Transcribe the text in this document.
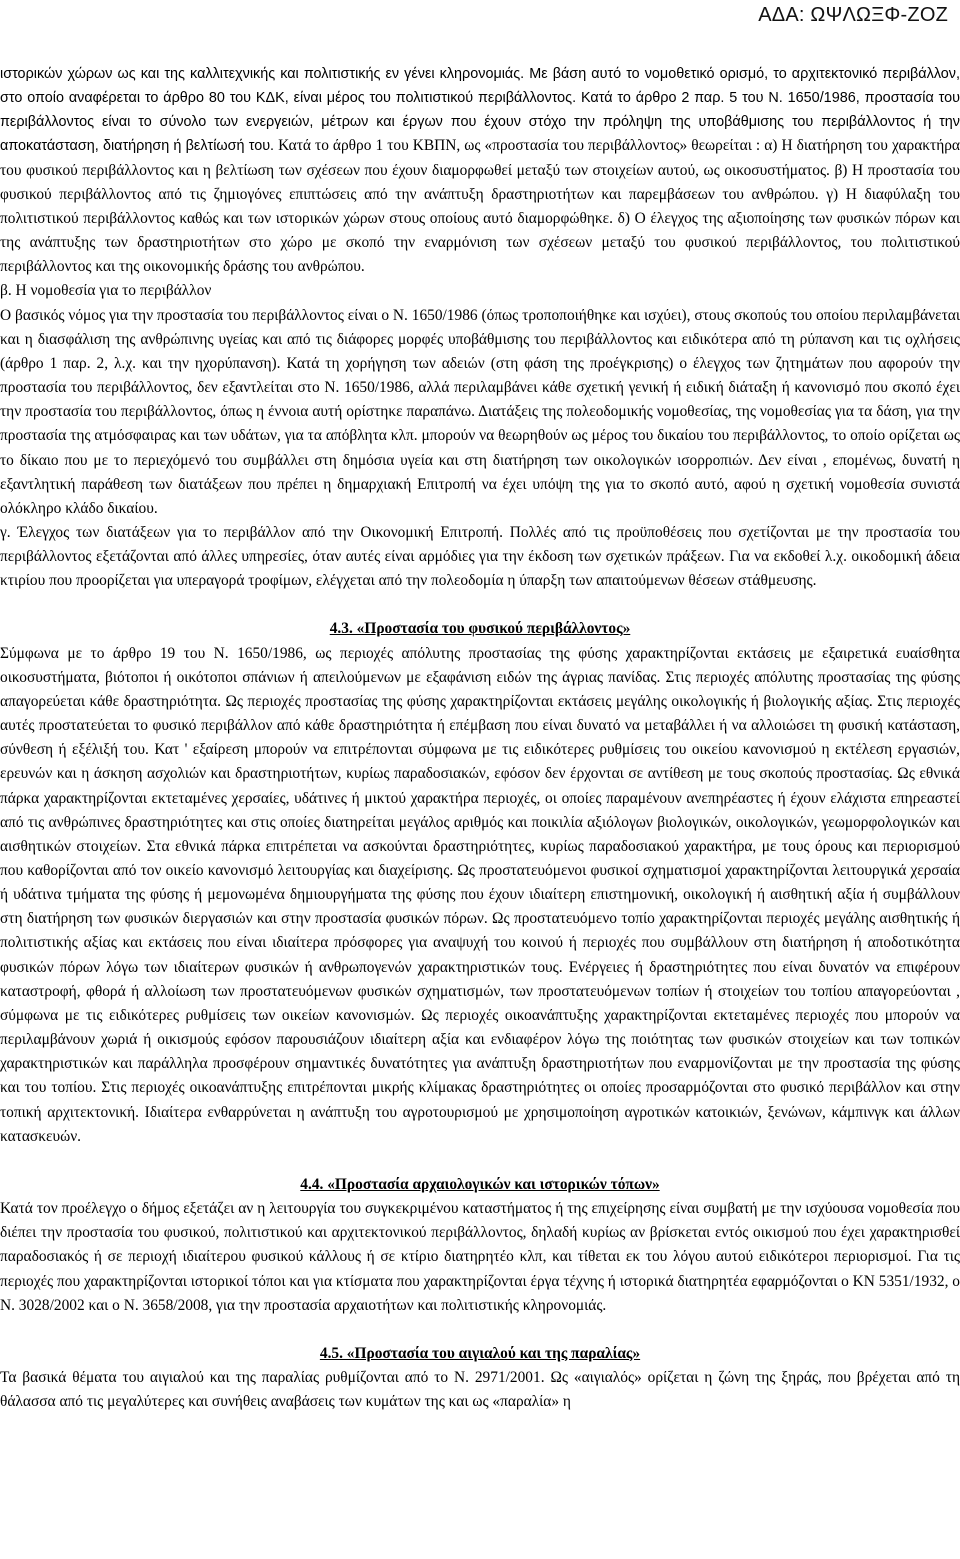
ΑΔΑ: ΩΨΛΩΞΦ-ΖΟΖ

ιστορικών χώρων ως και της καλλιτεχνικής και πολιτιστικής εν γένει κληρονομιάς. Με βάση αυτό το νομοθετικό ορισμό, το αρχιτεκτονικό περιβάλλον, στο οποίο αναφέρεται το άρθρο 80 του ΚΔΚ, είναι μέρος του πολιτιστικού περιβάλλοντος. Κατά το άρθρο 2 παρ. 5 του Ν. 1650/1986, προστασία του περιβάλλοντος είναι το σύνολο των ενεργειών, μέτρων και έργων που έχουν στόχο την πρόληψη της υποβάθμισης του περιβάλλοντος ή την αποκατάσταση, διατήρηση ή βελτίωσή του. Κατά το άρθρο 1 του ΚΒΠΝ, ως «προστασία του περιβάλλοντος» θεωρείται : α) Η διατήρηση του χαρακτήρα του φυσικού περιβάλλοντος και η βελτίωση των σχέσεων που έχουν διαμορφωθεί μεταξύ των στοιχείων αυτού, ως οικοσυστήματος. β) Η προστασία του φυσικού περιβάλλοντος από τις ζημιογόνες επιπτώσεις από την ανάπτυξη δραστηριοτήτων και παρεμβάσεων του ανθρώπου. γ) Η διαφύλαξη του πολιτιστικού περιβάλλοντος καθώς και των ιστορικών χώρων στους οποίους αυτό διαμορφώθηκε. δ) Ο έλεγχος της αξιοποίησης των φυσικών πόρων και της ανάπτυξης των δραστηριοτήτων στο χώρο με σκοπό την εναρμόνιση των σχέσεων μεταξύ του φυσικού περιβάλλοντος, του πολιτιστικού περιβάλλοντος και της οικονομικής δράσης του ανθρώπου.

β. Η νομοθεσία για το περιβάλλον

Ο βασικός νόμος για την προστασία του περιβάλλοντος είναι ο Ν. 1650/1986 (όπως τροποποιήθηκε και ισχύει), στους σκοπούς του οποίου περιλαμβάνεται και η διασφάλιση της ανθρώπινης υγείας και από τις διάφορες μορφές υποβάθμισης του περιβάλλοντος και ειδικότερα από τη ρύπανση και τις οχλήσεις (άρθρο 1 παρ. 2, λ.χ. και την ηχορύπανση). Κατά τη χορήγηση των αδειών (στη φάση της προέγκρισης) ο έλεγχος των ζητημάτων που αφορούν την προστασία του περιβάλλοντος, δεν εξαντλείται στο Ν. 1650/1986, αλλά περιλαμβάνει κάθε σχετική γενική ή ειδική διάταξη ή κανονισμό που σκοπό έχει την προστασία του περιβάλλοντος, όπως η έννοια αυτή ορίστηκε παραπάνω. Διατάξεις της πολεοδομικής νομοθεσίας, της νομοθεσίας για τα δάση, για την προστασία της ατμόσφαιρας και των υδάτων, για τα απόβλητα κλπ. μπορούν να θεωρηθούν ως μέρος του δικαίου του περιβάλλοντος, το οποίο ορίζεται ως το δίκαιο που με το περιεχόμενό του συμβάλλει στη δημόσια υγεία και στη διατήρηση των οικολογικών ισορροπιών. Δεν είναι , επομένως, δυνατή η εξαντλητική παράθεση των διατάξεων που πρέπει η δημαρχιακή Επιτροπή να έχει υπόψη της για το σκοπό αυτό, αφού η σχετική νομοθεσία συνιστά ολόκληρο κλάδο δικαίου.

γ. Έλεγχος των διατάξεων για το περιβάλλον από την Οικονομική Επιτροπή. Πολλές από τις προϋποθέσεις που σχετίζονται με την προστασία του περιβάλλοντος εξετάζονται από άλλες υπηρεσίες, όταν αυτές είναι αρμόδιες για την έκδοση των σχετικών πράξεων. Για να εκδοθεί λ.χ. οικοδομική άδεια κτιρίου που προορίζεται για υπεραγορά τροφίμων, ελέγχεται από την πολεοδομία η ύπαρξη των απαιτούμενων θέσεων στάθμευσης.

4.3. «Προστασία του φυσικού περιβάλλοντος»

Σύμφωνα με το άρθρο 19 του Ν. 1650/1986, ως περιοχές απόλυτης προστασίας της φύσης χαρακτηρίζονται εκτάσεις με εξαιρετικά ευαίσθητα οικοσυστήματα, βιότοποι ή οικότοποι σπάνιων ή απειλούμενων με εξαφάνιση ειδών της άγριας πανίδας. Στις περιοχές απόλυτης προστασίας της φύσης απαγορεύεται κάθε δραστηριότητα. Ως περιοχές προστασίας της φύσης χαρακτηρίζονται εκτάσεις μεγάλης οικολογικής ή βιολογικής αξίας. Στις περιοχές αυτές προστατεύεται το φυσικό περιβάλλον από κάθε δραστηριότητα ή επέμβαση που είναι δυνατό να μεταβάλλει ή να αλλοιώσει τη φυσική κατάσταση, σύνθεση ή εξέλιξή του. Κατ ' εξαίρεση μπορούν να επιτρέπονται σύμφωνα με τις ειδικότερες ρυθμίσεις του οικείου κανονισμού η εκτέλεση εργασιών, ερευνών και η άσκηση ασχολιών και δραστηριοτήτων, κυρίως παραδοσιακών, εφόσον δεν έρχονται σε αντίθεση με τους σκοπούς προστασίας. Ως εθνικά πάρκα χαρακτηρίζονται εκτεταμένες χερσαίες, υδάτινες ή μικτού χαρακτήρα περιοχές, οι οποίες παραμένουν ανεπηρέαστες ή έχουν ελάχιστα επηρεαστεί από τις ανθρώπινες δραστηριότητες και στις οποίες διατηρείται μεγάλος αριθμός και ποικιλία αξιόλογων βιολογικών, οικολογικών, γεωμορφολογικών και αισθητικών στοιχείων. Στα εθνικά πάρκα επιτρέπεται να ασκούνται δραστηριότητες, κυρίως παραδοσιακού χαρακτήρα, με τους όρους και περιορισμού που καθορίζονται από τον οικείο κανονισμό λειτουργίας και διαχείρισης. Ως προστατευόμενοι φυσικοί σχηματισμοί χαρακτηρίζονται λειτουργικά χερσαία ή υδάτινα τμήματα της φύσης ή μεμονωμένα δημιουργήματα της φύσης που έχουν ιδιαίτερη επιστημονική, οικολογική ή αισθητική αξία ή συμβάλλουν στη διατήρηση των φυσικών διεργασιών και στην προστασία φυσικών πόρων. Ως προστατευόμενο τοπίο χαρακτηρίζονται περιοχές μεγάλης αισθητικής ή πολιτιστικής αξίας και εκτάσεις που είναι ιδιαίτερα πρόσφορες για αναψυχή του κοινού ή περιοχές που συμβάλλουν στη διατήρηση ή αποδοτικότητα φυσικών πόρων λόγω των ιδιαίτερων φυσικών ή ανθρωπογενών χαρακτηριστικών τους. Ενέργειες ή δραστηριότητες που είναι δυνατόν να επιφέρουν καταστροφή, φθορά ή αλλοίωση των προστατευόμενων φυσικών σχηματισμών, των προστατευόμενων τοπίων ή στοιχείων του τοπίου απαγορεύονται , σύμφωνα με τις ειδικότερες ρυθμίσεις των οικείων κανονισμών. Ως περιοχές οικοανάπτυξης χαρακτηρίζονται εκτεταμένες περιοχές που μπορούν να περιλαμβάνουν χωριά ή οικισμούς εφόσον παρουσιάζουν ιδιαίτερη αξία και ενδιαφέρον λόγω της ποιότητας των φυσικών στοιχείων και των τοπικών χαρακτηριστικών και παράλληλα προσφέρουν σημαντικές δυνατότητες για ανάπτυξη δραστηριοτήτων που εναρμονίζονται με την προστασία της φύσης και του τοπίου. Στις περιοχές οικοανάπτυξης επιτρέπονται μικρής κλίμακας δραστηριότητες οι οποίες προσαρμόζονται στο φυσικό περιβάλλον και στην τοπική αρχιτεκτονική. Ιδιαίτερα ενθαρρύνεται η ανάπτυξη του αγροτουρισμού με χρησιμοποίηση αγροτικών κατοικιών, ξενώνων, κάμπινγκ και άλλων κατασκευών.

4.4. «Προστασία αρχαιολογικών και ιστορικών τόπων»

Κατά τον προέλεγχο ο δήμος εξετάζει αν η λειτουργία του συγκεκριμένου καταστήματος ή της επιχείρησης είναι συμβατή με την ισχύουσα νομοθεσία που διέπει την προστασία του φυσικού, πολιτιστικού και αρχιτεκτονικού περιβάλλοντος, δηλαδή κυρίως αν βρίσκεται εντός οικισμού που έχει χαρακτηρισθεί παραδοσιακός ή σε περιοχή ιδιαίτερου φυσικού κάλλους ή σε κτίριο διατηρητέο κλπ, και τίθεται εκ του λόγου αυτού ειδικότεροι περιορισμοί. Για τις περιοχές που χαρακτηρίζονται ιστορικοί τόποι και για κτίσματα που χαρακτηρίζονται έργα τέχνης ή ιστορικά διατηρητέα εφαρμόζονται ο ΚΝ 5351/1932, ο Ν. 3028/2002 και ο Ν. 3658/2008, για την προστασία αρχαιοτήτων και πολιτιστικής κληρονομιάς.

4.5. «Προστασία του αιγιαλού και της παραλίας»

Τα βασικά θέματα του αιγιαλού και της παραλίας ρυθμίζονται από το Ν. 2971/2001. Ως «αιγιαλός» ορίζεται η ζώνη της ξηράς, που βρέχεται από τη θάλασσα από τις μεγαλύτερες και συνήθεις αναβάσεις των κυμάτων της και ως «παραλία» η
